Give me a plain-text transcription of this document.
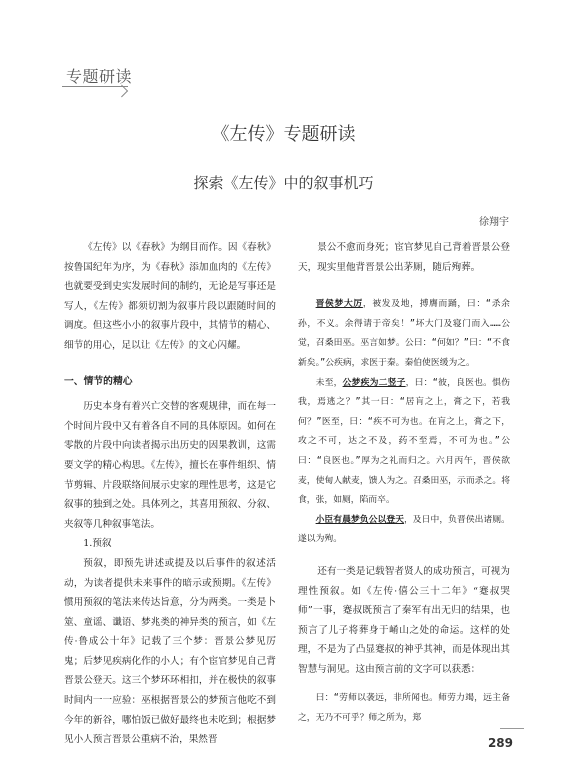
专题研读
《左传》专题研读
探索《左传》中的叙事机巧
徐翔宇

《左传》以《春秋》为纲目而作。因《春秋》按鲁国纪年为序，为《春秋》添加血肉的《左传》也就要受到史实发展时间的制约，无论是写事还是写人，《左传》都须切割为叙事片段以跟随时间的调度。但这些小小的叙事片段中，其情节的精心、细节的用心，足以让《左传》的文心闪耀。

一、情节的精心

历史本身有着兴亡交替的客观规律，而在每一个时间片段中又有着各自不同的具体原因。如何在零散的片段中向读者揭示出历史的因果教训，这需要文学的精心构思。《左传》，擅长在事件组织、情节剪辑、片段联络间展示史家的理性思考，这是它叙事的独到之处。具体列之，其喜用预叙、分叙、夹叙等几种叙事笔法。

1.预叙

预叙，即预先讲述或提及以后事件的叙述活动，为读者提供未来事件的暗示或预期。《左传》惯用预叙的笔法来传达旨意，分为两类。一类是卜筮、童谣、谶语、梦兆类的神异类的预言，如《左传·鲁成公十年》记载了三个梦：晋景公梦见厉鬼；后梦见疾病化作的小人；有个宦官梦见自己背晋景公登天。这三个梦环环相扣，并在极快的叙事时间内一一应验：巫根据晋景公的梦预言他吃不到今年的新谷，哪怕饭已做好最终也未吃到；根据梦见小人预言晋景公重病不治，果然晋

景公不愈而身死；宦官梦见自己背着晋景公登天，现实里他背晋景公出茅厕，随后殉葬。

晋侯梦大厉，被发及地，搏膺而踊，曰：“杀余孙，不义。余得请于帝矣！”坏大门及寝门而入……公觉，召桑田巫。巫言如梦。公曰：“何如？”曰：“不食新矣。”公疾病，求医于秦。秦伯使医缓为之。

未至，公梦疾为二竖子，曰：“彼，良医也。惧伤我，焉逃之？”其一曰：“居肓之上，膏之下，若我何？”医至，曰：“疾不可为也。在肓之上，膏之下，攻之不可，达之不及，药不至焉，不可为也。”公曰：“良医也。”厚为之礼而归之。六月丙午，晋侯欲麦，使甸人献麦，馈人为之。召桑田巫，示而杀之。将食，张，如厕，陷而卒。

小臣有晨梦负公以登天，及日中，负晋侯出诸厕。遂以为殉。

还有一类是记载智者贤人的成功预言，可视为理性预叙。如《左传·僖公三十二年》“蹇叔哭师”一事，蹇叔既预言了秦军有出无归的结果，也预言了儿子将葬身于崤山之处的命运。这样的处理，不是为了凸显蹇叔的神乎其神，而是体现出其智慧与洞见。这由预言前的文字可以获悉：

曰：“劳师以袭远，非所闻也。师劳力竭，远主备之，无乃不可乎？师之所为，郑

289
